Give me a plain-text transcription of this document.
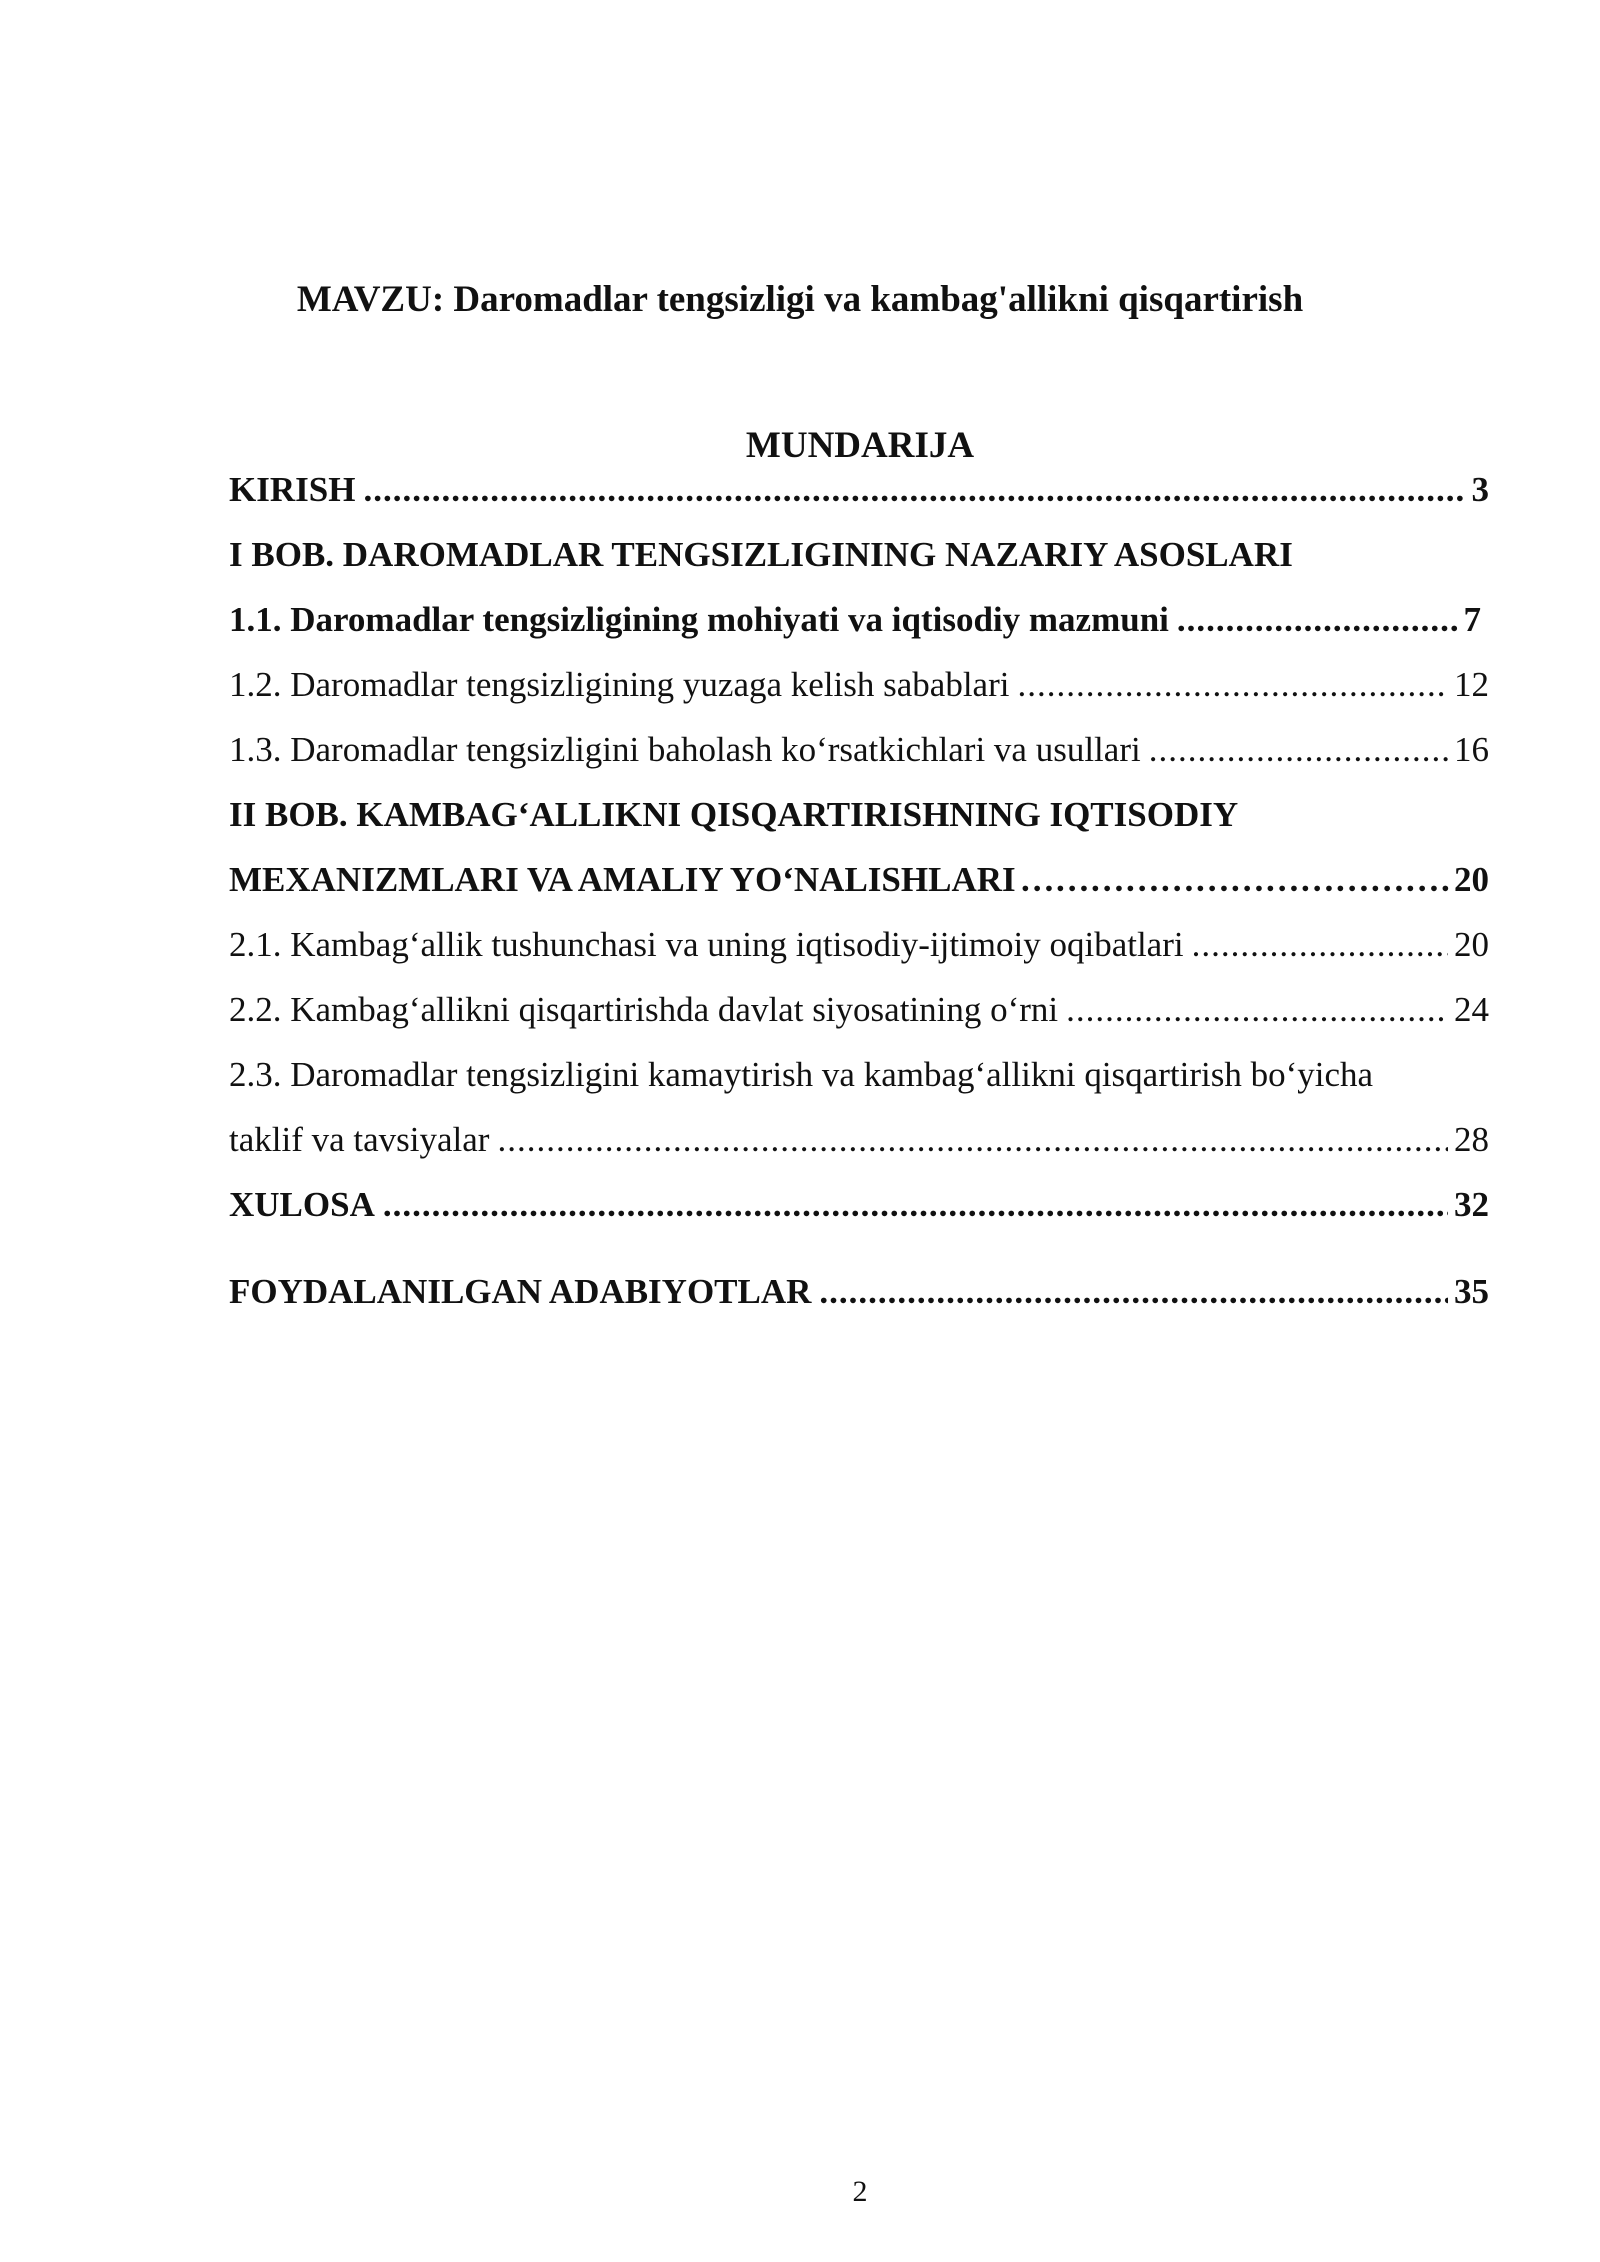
MAVZU: Daromadlar tengsizligi va kambag'allikni qisqartirish
MUNDARIJA
KIRISH .....	3
I BOB. DAROMADLAR TENGSIZLIGINING NAZARIY ASOSLARI
1.1. Daromadlar tengsizligining mohiyati va iqtisodiy mazmuni .....	7
1.2. Daromadlar tengsizligining yuzaga kelish sabablari .....	12
1.3. Daromadlar tengsizligini baholash ko‘rsatkichlari va usullari .....	16
II BOB. KAMBAG‘ALLIKNI QISQARTIRISHNING IQTISODIY
MEXANIZMLARI VA AMALIY YO‘NALISHLARI ……………………………………………………………………………………………………	20
2.1. Kambag‘allik tushunchasi va uning iqtisodiy-ijtimoiy oqibatlari .....	20
2.2. Kambag‘allikni qisqartirishda davlat siyosatining o‘rni .....	24
2.3. Daromadlar tengsizligini kamaytirish va kambag‘allikni qisqartirish bo‘yicha
taklif va tavsiyalar .....	28
XULOSA .....	32
FOYDALANILGAN ADABIYOTLAR .....	35
2
